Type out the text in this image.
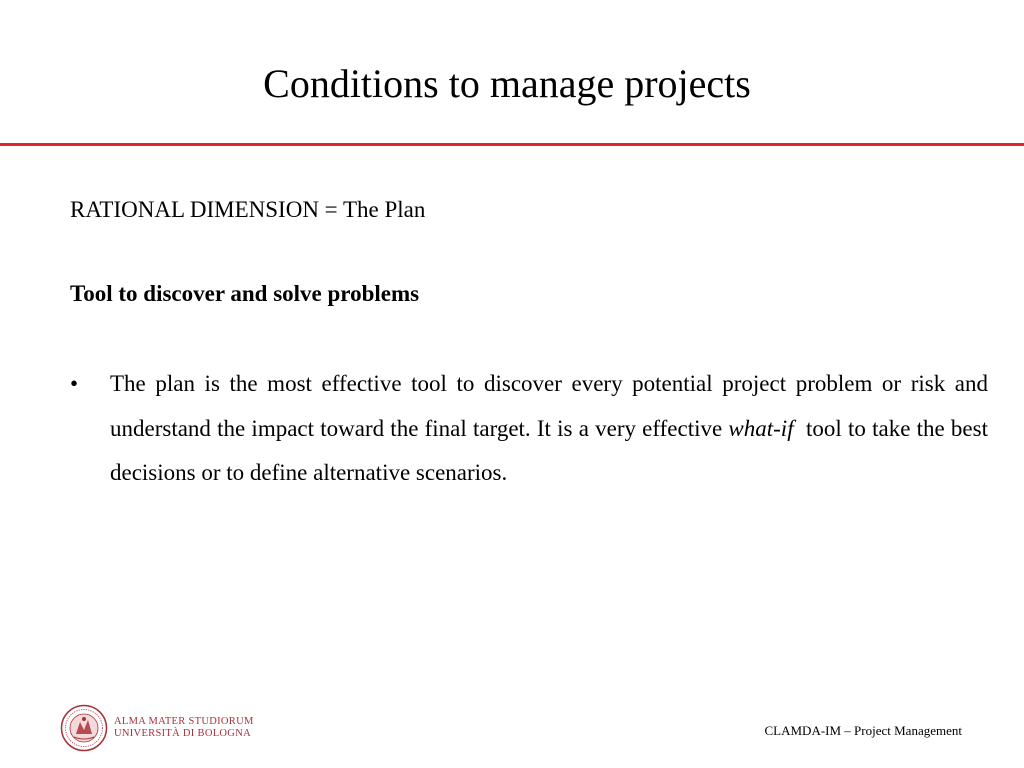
Conditions to manage projects

RATIONAL DIMENSION = The Plan

Tool to discover and solve problems

•	The plan is the most effective tool to discover every potential project problem or risk and understand the impact toward the final target. It is a very effective what-if  tool to take the best decisions or to define alternative scenarios.
ALMA MATER STUDIORUM
UNIVERSITÀ DI BOLOGNA	CLAMDA-IM – Project Management
